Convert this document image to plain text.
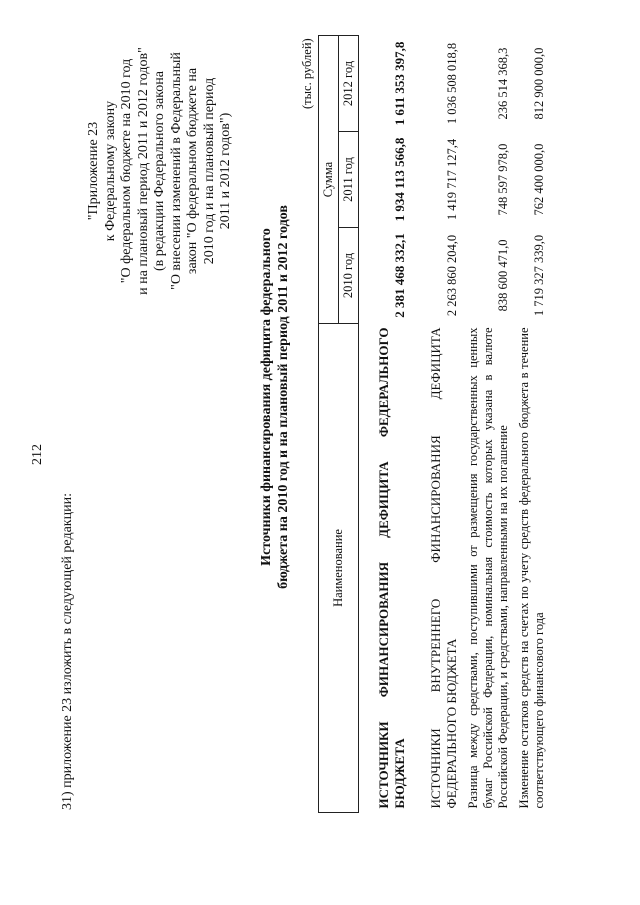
212
31) приложение 23 изложить в следующей редакции:
"Приложение 23 к Федеральному закону "О федеральном бюджете на 2010 год и на плановый период 2011 и 2012 годов" (в редакции Федерального закона "О внесении изменений в Федеральный закон "О федеральном бюджете на 2010 год и на плановый период 2011 и 2012 годов")
Источники финансирования дефицита федерального бюджета на 2010 год и на плановый период 2011 и 2012 годов
(тыс. рублей)
Наименование	Сумма		
	2010 год	2011 год	2012 год
ИСТОЧНИКИ ФИНАНСИРОВАНИЯ ДЕФИЦИТА ФЕДЕРАЛЬНОГО БЮДЖЕТА	2 381 468 332,1	1 934 113 566,8	1 611 353 397,8
ИСТОЧНИКИ ВНУТРЕННЕГО ФИНАНСИРОВАНИЯ ДЕФИЦИТА ФЕДЕРАЛЬНОГО БЮДЖЕТА	2 263 860 204,0	1 419 717 127,4	1 036 508 018,8
Разница между средствами, поступившими от размещения государственных ценных бумаг Российской Федерации, номинальная стоимость которых указана в валюте Российской Федерации, и средствами, направленными на их погашение	838 600 471,0	748 597 978,0	236 514 368,3
Изменение остатков средств на счетах по учету средств федерального бюджета в течение соответствующего финансового года	1 719 327 339,0	762 400 000,0	812 900 000,0
